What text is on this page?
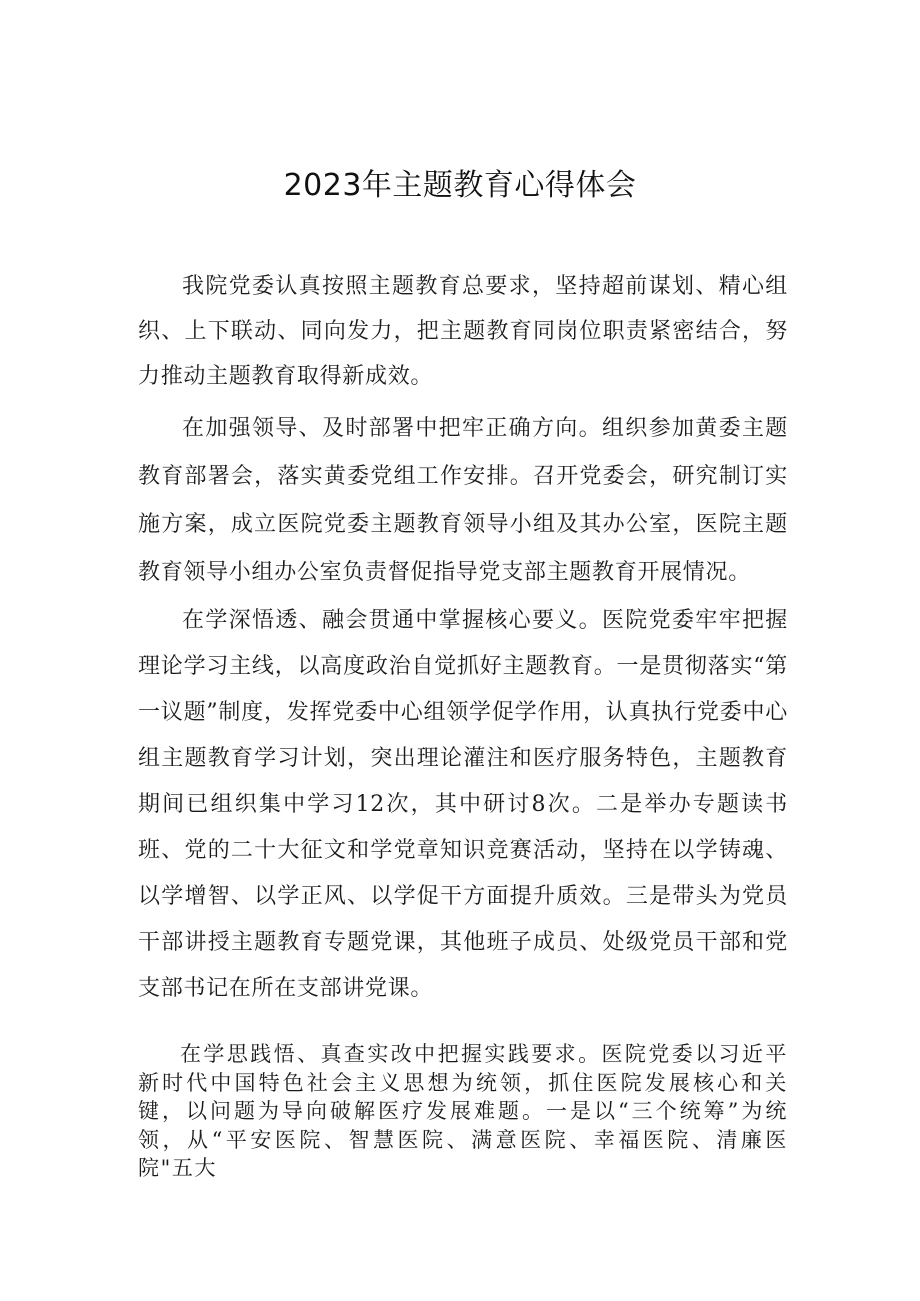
2023年主题教育心得体会

我院党委认真按照主题教育总要求，坚持超前谋划、精心组织、上下联动、同向发力，把主题教育同岗位职责紧密结合，努力推动主题教育取得新成效。

在加强领导、及时部署中把牢正确方向。组织参加黄委主题教育部署会，落实黄委党组工作安排。召开党委会，研究制订实施方案，成立医院党委主题教育领导小组及其办公室，医院主题教育领导小组办公室负责督促指导党支部主题教育开展情况。

在学深悟透、融会贯通中掌握核心要义。医院党委牢牢把握理论学习主线，以高度政治自觉抓好主题教育。一是贯彻落实“第一议题”制度，发挥党委中心组领学促学作用，认真执行党委中心组主题教育学习计划，突出理论灌注和医疗服务特色，主题教育期间已组织集中学习12次，其中研讨8次。二是举办专题读书班、党的二十大征文和学党章知识竞赛活动，坚持在以学铸魂、以学增智、以学正风、以学促干方面提升质效。三是带头为党员干部讲授主题教育专题党课，其他班子成员、处级党员干部和党支部书记在所在支部讲党课。

在学思践悟、真查实改中把握实践要求。医院党委以习近平新时代中国特色社会主义思想为统领，抓住医院发展核心和关键，以问题为导向破解医疗发展难题。一是以“三个统筹”为统领，从“平安医院、智慧医院、满意医院、幸福医院、清廉医院"五大
